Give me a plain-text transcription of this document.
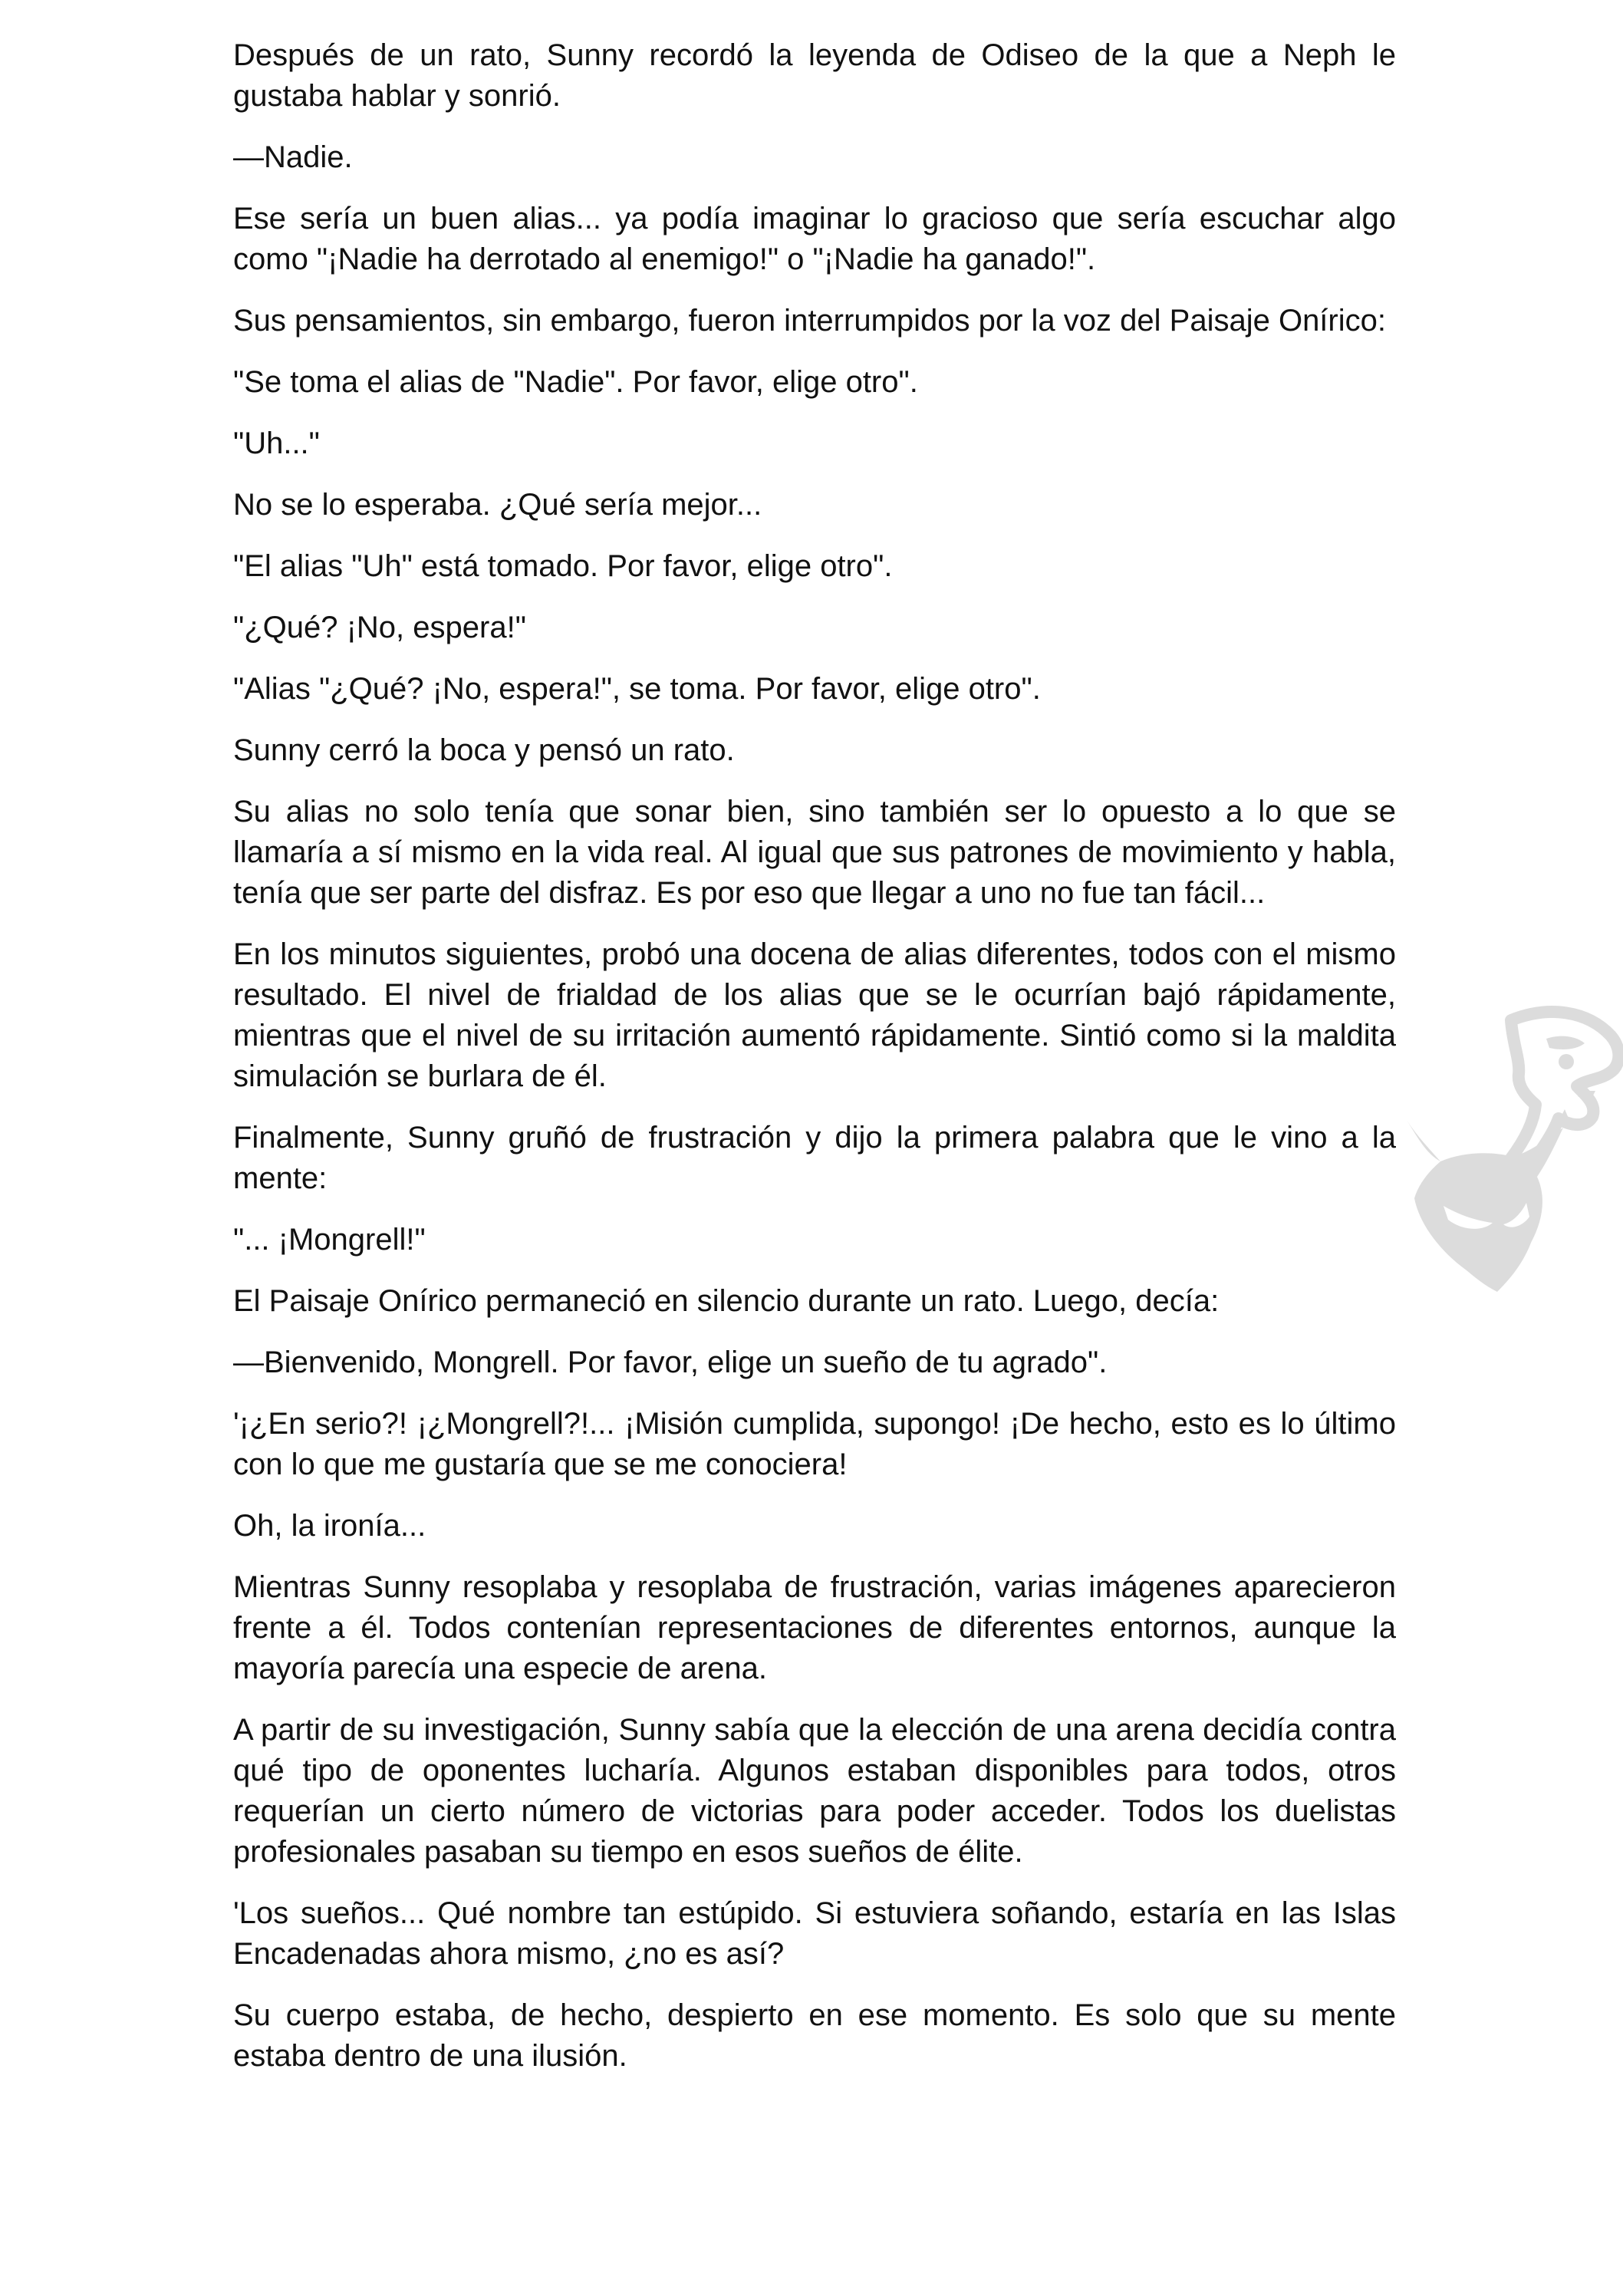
Después de un rato, Sunny recordó la leyenda de Odiseo de la que a Neph le gustaba hablar y sonrió.

—Nadie.

Ese sería un buen alias... ya podía imaginar lo gracioso que sería escuchar algo como "¡Nadie ha derrotado al enemigo!" o "¡Nadie ha ganado!".

Sus pensamientos, sin embargo, fueron interrumpidos por la voz del Paisaje Onírico:

"Se toma el alias de "Nadie". Por favor, elige otro".

"Uh..."

No se lo esperaba. ¿Qué sería mejor...

"El alias "Uh" está tomado. Por favor, elige otro".

"¿Qué? ¡No, espera!"

"Alias "¿Qué? ¡No, espera!", se toma. Por favor, elige otro".

Sunny cerró la boca y pensó un rato.

Su alias no solo tenía que sonar bien, sino también ser lo opuesto a lo que se llamaría a sí mismo en la vida real. Al igual que sus patrones de movimiento y habla, tenía que ser parte del disfraz. Es por eso que llegar a uno no fue tan fácil...

En los minutos siguientes, probó una docena de alias diferentes, todos con el mismo resultado. El nivel de frialdad de los alias que se le ocurrían bajó rápidamente, mientras que el nivel de su irritación aumentó rápidamente. Sintió como si la maldita simulación se burlara de él.

Finalmente, Sunny gruñó de frustración y dijo la primera palabra que le vino a la mente:

"... ¡Mongrell!"

El Paisaje Onírico permaneció en silencio durante un rato. Luego, decía:

—Bienvenido, Mongrell. Por favor, elige un sueño de tu agrado".

'¡¿En serio?! ¡¿Mongrell?!... ¡Misión cumplida, supongo! ¡De hecho, esto es lo último con lo que me gustaría que se me conociera!

Oh, la ironía...

Mientras Sunny resoplaba y resoplaba de frustración, varias imágenes aparecieron frente a él. Todos contenían representaciones de diferentes entornos, aunque la mayoría parecía una especie de arena.

A partir de su investigación, Sunny sabía que la elección de una arena decidía contra qué tipo de oponentes lucharía. Algunos estaban disponibles para todos, otros requerían un cierto número de victorias para poder acceder. Todos los duelistas profesionales pasaban su tiempo en esos sueños de élite.

'Los sueños... Qué nombre tan estúpido. Si estuviera soñando, estaría en las Islas Encadenadas ahora mismo, ¿no es así?

Su cuerpo estaba, de hecho, despierto en ese momento. Es solo que su mente estaba dentro de una ilusión.
